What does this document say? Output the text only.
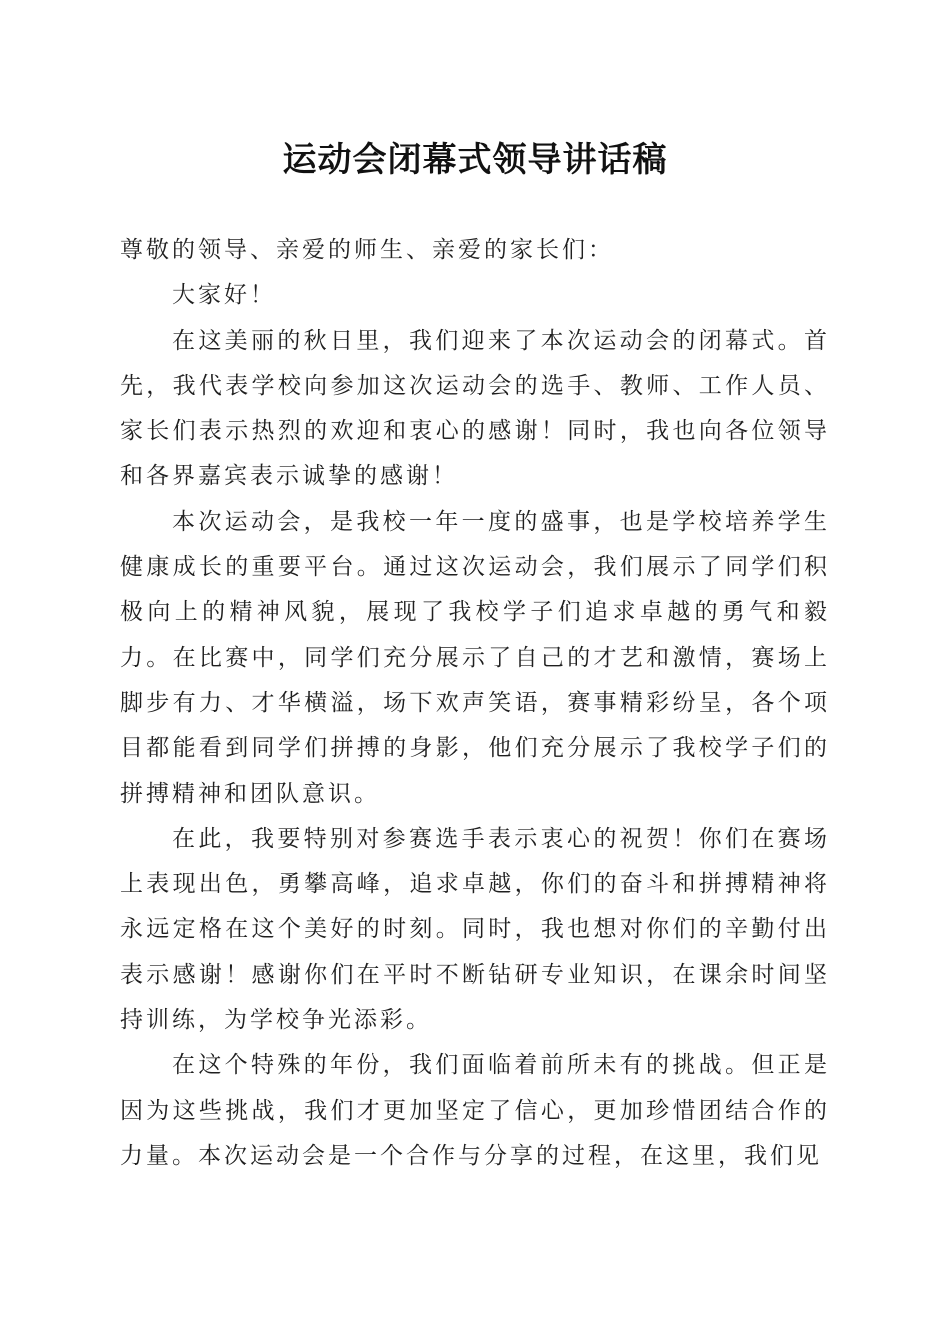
运动会闭幕式领导讲话稿

尊敬的领导、亲爱的师生、亲爱的家长们：

大家好！

在这美丽的秋日里，我们迎来了本次运动会的闭幕式。首先，我代表学校向参加这次运动会的选手、教师、工作人员、家长们表示热烈的欢迎和衷心的感谢！同时，我也向各位领导和各界嘉宾表示诚挚的感谢！

本次运动会，是我校一年一度的盛事，也是学校培养学生健康成长的重要平台。通过这次运动会，我们展示了同学们积极向上的精神风貌，展现了我校学子们追求卓越的勇气和毅力。在比赛中，同学们充分展示了自己的才艺和激情，赛场上脚步有力、才华横溢，场下欢声笑语，赛事精彩纷呈，各个项目都能看到同学们拼搏的身影，他们充分展示了我校学子们的拼搏精神和团队意识。

在此，我要特别对参赛选手表示衷心的祝贺！你们在赛场上表现出色，勇攀高峰，追求卓越，你们的奋斗和拼搏精神将永远定格在这个美好的时刻。同时，我也想对你们的辛勤付出表示感谢！感谢你们在平时不断钻研专业知识，在课余时间坚持训练，为学校争光添彩。

在这个特殊的年份，我们面临着前所未有的挑战。但正是因为这些挑战，我们才更加坚定了信心，更加珍惜团结合作的力量。本次运动会是一个合作与分享的过程，在这里，我们见
